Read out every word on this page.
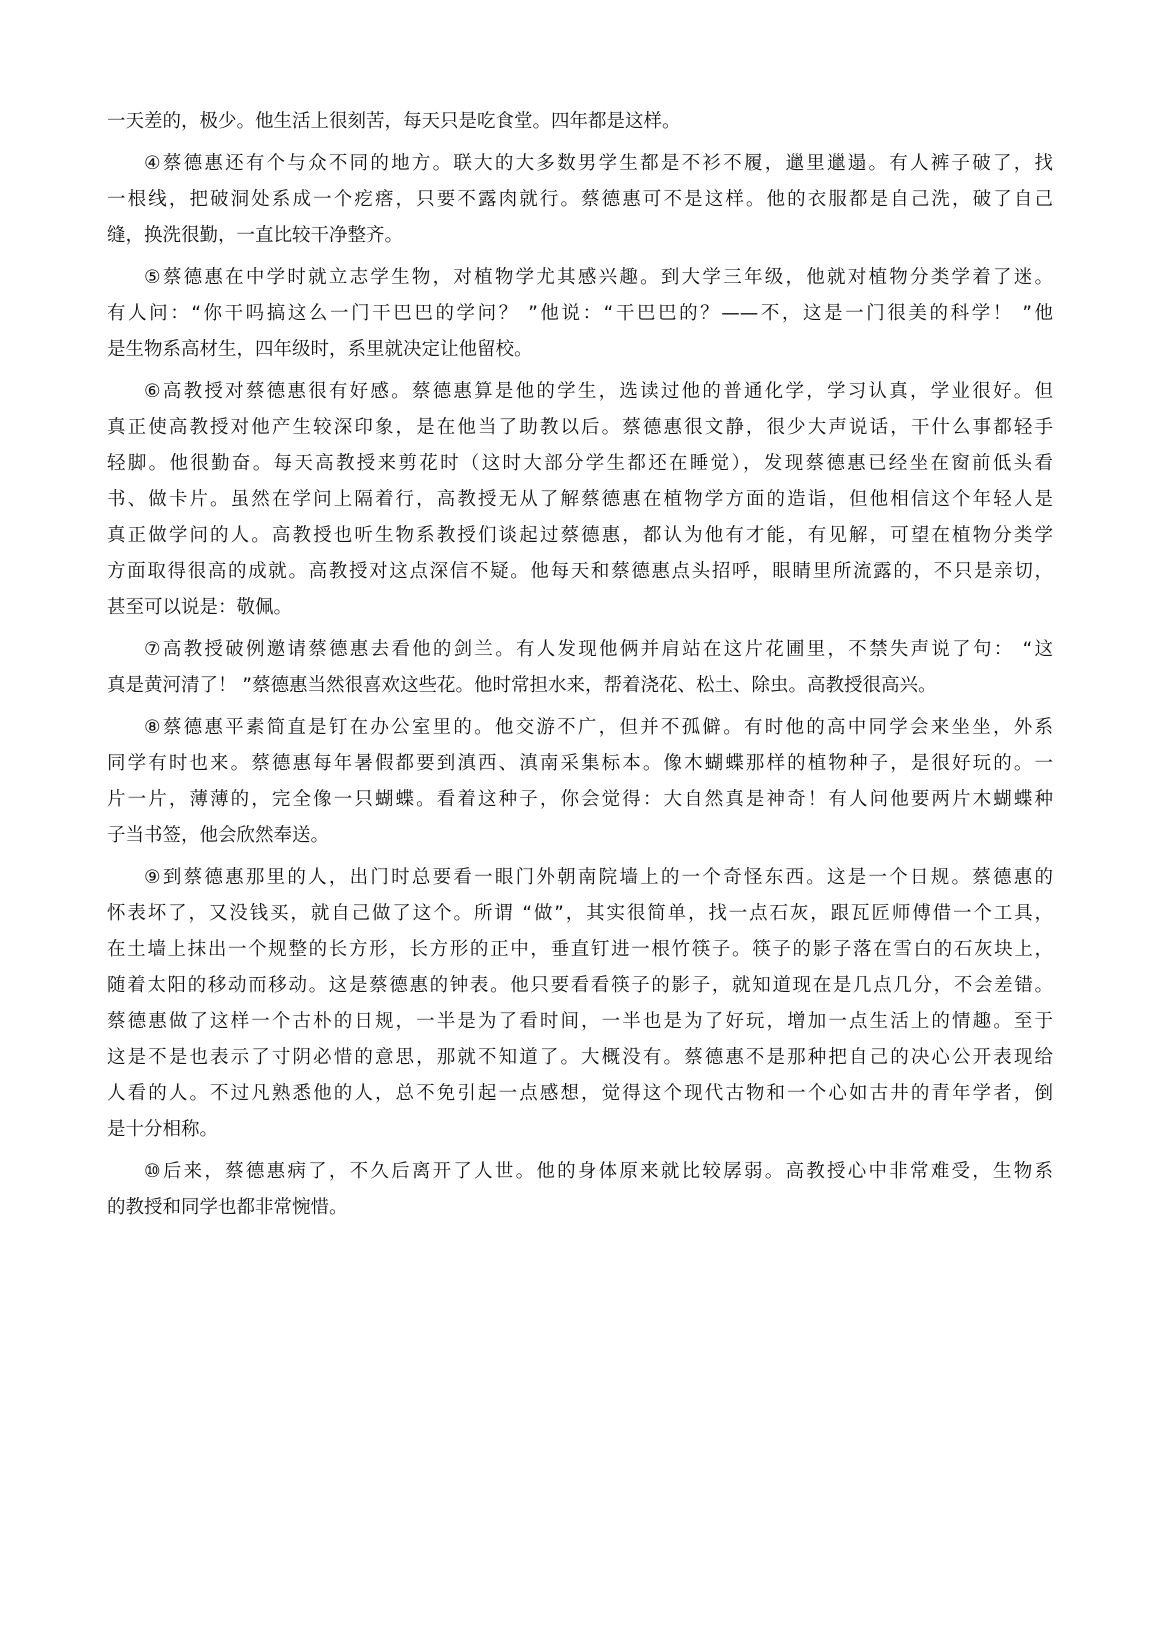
一天差的，极少。他生活上很刻苦，每天只是吃食堂。四年都是这样。
④蔡德惠还有个与众不同的地方。联大的大多数男学生都是不衫不履，邋里邋遢。有人裤子破了，找
一根线，把破洞处系成一个疙瘩，只要不露肉就行。蔡德惠可不是这样。他的衣服都是自己洗，破了自己
缝，换洗很勤，一直比较干净整齐。
⑤蔡德惠在中学时就立志学生物，对植物学尤其感兴趣。到大学三年级，他就对植物分类学着了迷。
有人问：“你干吗搞这么一门干巴巴的学问？ ”他说：“干巴巴的？——不，这是一门很美的科学！ ”他
是生物系高材生，四年级时，系里就决定让他留校。
⑥高教授对蔡德惠很有好感。蔡德惠算是他的学生，选读过他的普通化学，学习认真，学业很好。但
真正使高教授对他产生较深印象，是在他当了助教以后。蔡德惠很文静，很少大声说话，干什么事都轻手
轻脚。他很勤奋。每天高教授来剪花时（这时大部分学生都还在睡觉），发现蔡德惠已经坐在窗前低头看
书、做卡片。虽然在学问上隔着行，高教授无从了解蔡德惠在植物学方面的造诣，但他相信这个年轻人是
真正做学问的人。高教授也听生物系教授们谈起过蔡德惠，都认为他有才能，有见解，可望在植物分类学
方面取得很高的成就。高教授对这点深信不疑。他每天和蔡德惠点头招呼，眼睛里所流露的，不只是亲切，
甚至可以说是：敬佩。
⑦高教授破例邀请蔡德惠去看他的剑兰。有人发现他俩并肩站在这片花圃里，不禁失声说了句： “这
真是黄河清了！ ”蔡德惠当然很喜欢这些花。他时常担水来，帮着浇花、松土、除虫。高教授很高兴。
⑧蔡德惠平素简直是钉在办公室里的。他交游不广，但并不孤僻。有时他的高中同学会来坐坐，外系
同学有时也来。蔡德惠每年暑假都要到滇西、滇南采集标本。像木蝴蝶那样的植物种子，是很好玩的。一
片一片，薄薄的，完全像一只蝴蝶。看着这种子，你会觉得：大自然真是神奇！有人问他要两片木蝴蝶种
子当书签，他会欣然奉送。
⑨到蔡德惠那里的人，出门时总要看一眼门外朝南院墙上的一个奇怪东西。这是一个日规。蔡德惠的
怀表坏了，又没钱买，就自己做了这个。所谓 “做”，其实很简单，找一点石灰，跟瓦匠师傅借一个工具，
在土墙上抹出一个规整的长方形，长方形的正中，垂直钉进一根竹筷子。筷子的影子落在雪白的石灰块上，
随着太阳的移动而移动。这是蔡德惠的钟表。他只要看看筷子的影子，就知道现在是几点几分，不会差错。
蔡德惠做了这样一个古朴的日规，一半是为了看时间，一半也是为了好玩，增加一点生活上的情趣。至于
这是不是也表示了寸阴必惜的意思，那就不知道了。大概没有。蔡德惠不是那种把自己的决心公开表现给
人看的人。不过凡熟悉他的人，总不免引起一点感想，觉得这个现代古物和一个心如古井的青年学者，倒
是十分相称。
⑩后来，蔡德惠病了，不久后离开了人世。他的身体原来就比较孱弱。高教授心中非常难受，生物系
的教授和同学也都非常惋惜。
